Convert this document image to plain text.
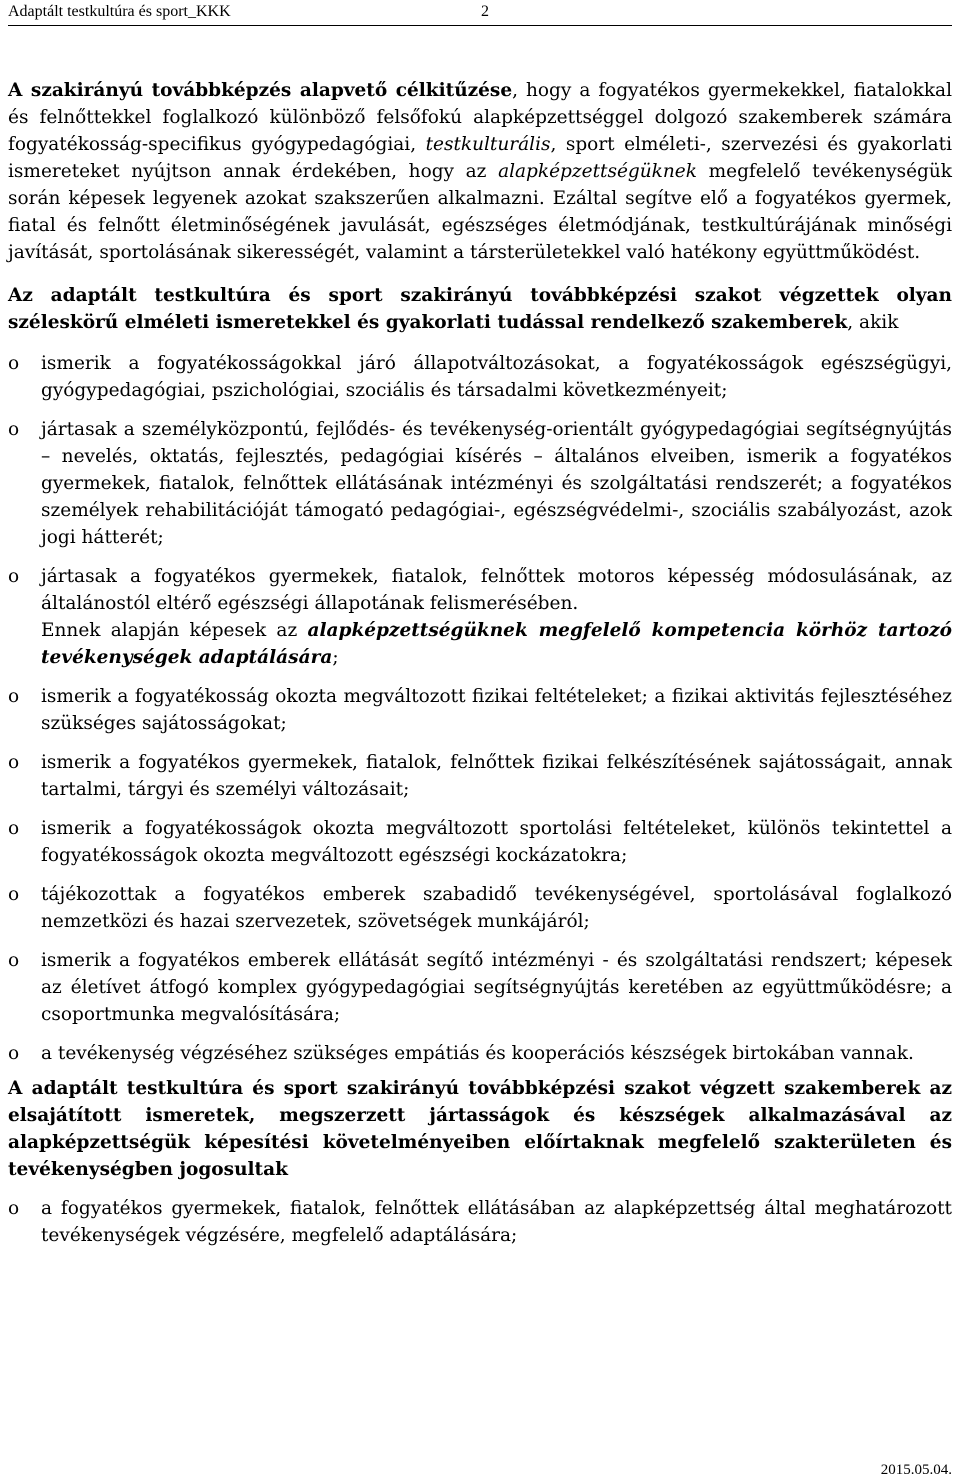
Adaptált testkultúra és sport_KKK	2

A szakirányú továbbképzés alapvető célkitűzése, hogy a fogyatékos gyermekekkel, fiatalokkal és felnőttekkel foglalkozó különböző felsőfokú alapképzettséggel dolgozó szakemberek számára fogyatékosság-specifikus gyógypedagógiai, testkulturális, sport elméleti-, szervezési és gyakorlati ismereteket nyújtson annak érdekében, hogy az alapképzettségüknek megfelelő tevékenységük során képesek legyenek azokat szakszerűen alkalmazni. Ezáltal segítve elő a fogyatékos gyermek, fiatal és felnőtt életminőségének javulását, egészséges életmódjának, testkultúrájának minőségi javítását, sportolásának sikerességét, valamint a társterületekkel való hatékony együttműködést.

Az adaptált testkultúra és sport szakirányú továbbképzési szakot végzettek olyan széleskörű elméleti ismeretekkel és gyakorlati tudással rendelkező szakemberek, akik

o ismerik a fogyatékosságokkal járó állapotváltozásokat, a fogyatékosságok egészségügyi, gyógypedagógiai, pszichológiai, szociális és társadalmi következményeit;
o jártasak a személyközpontú, fejlődés- és tevékenység-orientált gyógypedagógiai segítségnyújtás – nevelés, oktatás, fejlesztés, pedagógiai kísérés – általános elveiben, ismerik a fogyatékos gyermekek, fiatalok, felnőttek ellátásának intézményi és szolgáltatási rendszerét; a fogyatékos személyek rehabilitációját támogató pedagógiai-, egészségvédelmi-, szociális szabályozást, azok jogi hátterét;
o jártasak a fogyatékos gyermekek, fiatalok, felnőttek motoros képesség módosulásának, az általánostól eltérő egészségi állapotának felismerésében.

Ennek alapján képesek az alapképzettségüknek megfelelő kompetencia körhöz tartozó tevékenységek adaptálására;

o ismerik a fogyatékosság okozta megváltozott fizikai feltételeket; a fizikai aktivitás fejlesztéséhez szükséges sajátosságokat;
o ismerik a fogyatékos gyermekek, fiatalok, felnőttek fizikai felkészítésének sajátosságait, annak tartalmi, tárgyi és személyi változásait;
o ismerik a fogyatékosságok okozta megváltozott sportolási feltételeket, különös tekintettel a fogyatékosságok okozta megváltozott egészségi kockázatokra;
o tájékozottak a fogyatékos emberek szabadidő tevékenységével, sportolásával foglalkozó nemzetközi és hazai szervezetek, szövetségek munkájáról;
o ismerik a fogyatékos emberek ellátását segítő intézményi - és szolgáltatási rendszert; képesek az életívet átfogó komplex gyógypedagógiai segítségnyújtás keretében az együttműködésre; a csoportmunka megvalósítására;
o a tevékenység végzéséhez szükséges empátiás és kooperációs készségek birtokában vannak.

A adaptált testkultúra és sport szakirányú továbbképzési szakot végzett szakemberek az elsajátított ismeretek, megszerzett jártasságok és készségek alkalmazásával az alapképzettségük képesítési követelményeiben előírtaknak megfelelő szakterületen és tevékenységben jogosultak

o a fogyatékos gyermekek, fiatalok, felnőttek ellátásában az alapképzettség által meghatározott tevékenységek végzésére, megfelelő adaptálására;
2015.05.04.
